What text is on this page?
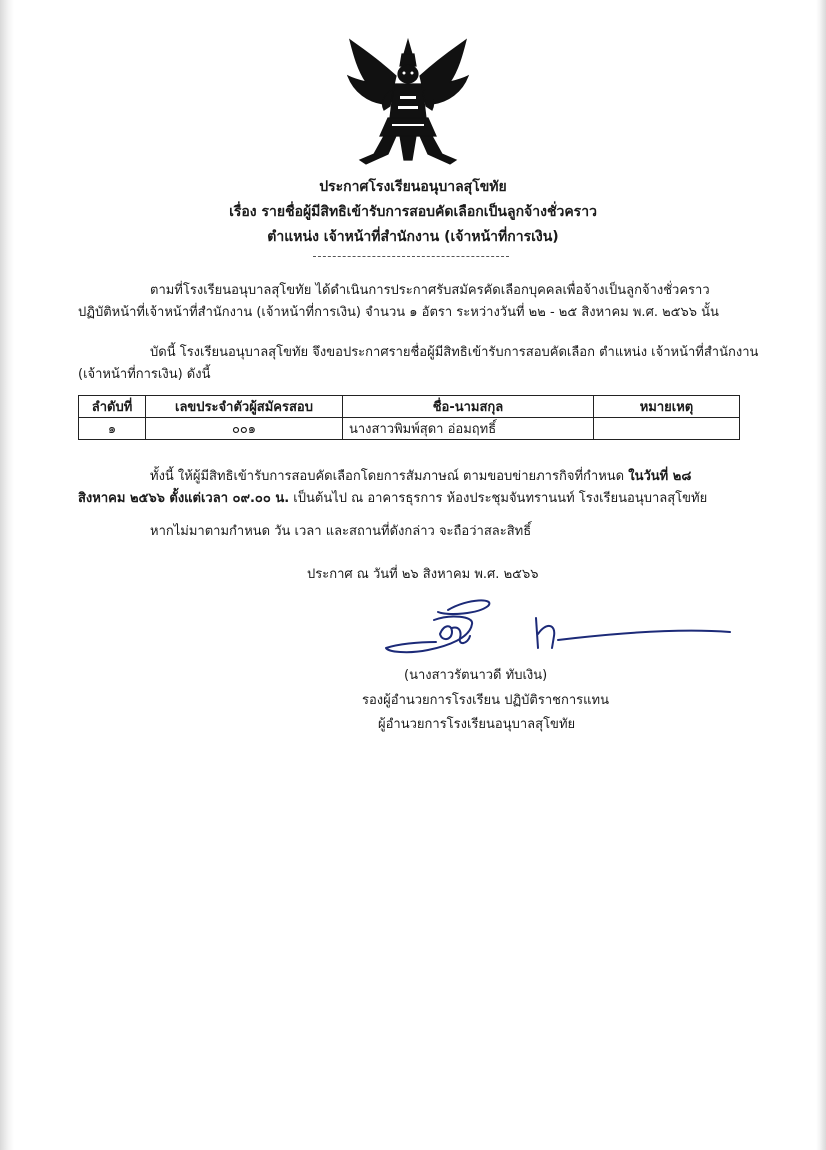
ประกาศโรงเรียนอนุบาลสุโขทัย
เรื่อง รายชื่อผู้มีสิทธิเข้ารับการสอบคัดเลือกเป็นลูกจ้างชั่วคราว
ตำแหน่ง เจ้าหน้าที่สำนักงาน (เจ้าหน้าที่การเงิน)
ตามที่โรงเรียนอนุบาลสุโขทัย ได้ดำเนินการประกาศรับสมัครคัดเลือกบุคคลเพื่อจ้างเป็นลูกจ้างชั่วคราว
ปฏิบัติหน้าที่เจ้าหน้าที่สำนักงาน (เจ้าหน้าที่การเงิน) จำนวน ๑ อัตรา ระหว่างวันที่ ๒๒ - ๒๕ สิงหาคม พ.ศ. ๒๕๖๖ นั้น
บัดนี้ โรงเรียนอนุบาลสุโขทัย จึงขอประกาศรายชื่อผู้มีสิทธิเข้ารับการสอบคัดเลือก ตำแหน่ง เจ้าหน้าที่สำนักงาน
(เจ้าหน้าที่การเงิน) ดังนี้
ลำดับที่	เลขประจำตัวผู้สมัครสอบ	ชื่อ-นามสกุล	หมายเหตุ
๑	๐๐๑	นางสาวพิมพ์สุดา อ่อมฤทธิ์	
ทั้งนี้ ให้ผู้มีสิทธิเข้ารับการสอบคัดเลือกโดยการสัมภาษณ์ ตามขอบข่ายภารกิจที่กำหนด ในวันที่ ๒๘
สิงหาคม ๒๕๖๖ ตั้งแต่เวลา ๐๙.๐๐ น. เป็นต้นไป ณ อาคารธุรการ ห้องประชุมจันทรานนท์ โรงเรียนอนุบาลสุโขทัย
หากไม่มาตามกำหนด วัน เวลา และสถานที่ดังกล่าว จะถือว่าสละสิทธิ์
ประกาศ ณ วันที่ ๒๖ สิงหาคม พ.ศ. ๒๕๖๖
(นางสาวรัตนาวดี ทับเงิน)
รองผู้อำนวยการโรงเรียน ปฏิบัติราชการแทน
ผู้อำนวยการโรงเรียนอนุบาลสุโขทัย
